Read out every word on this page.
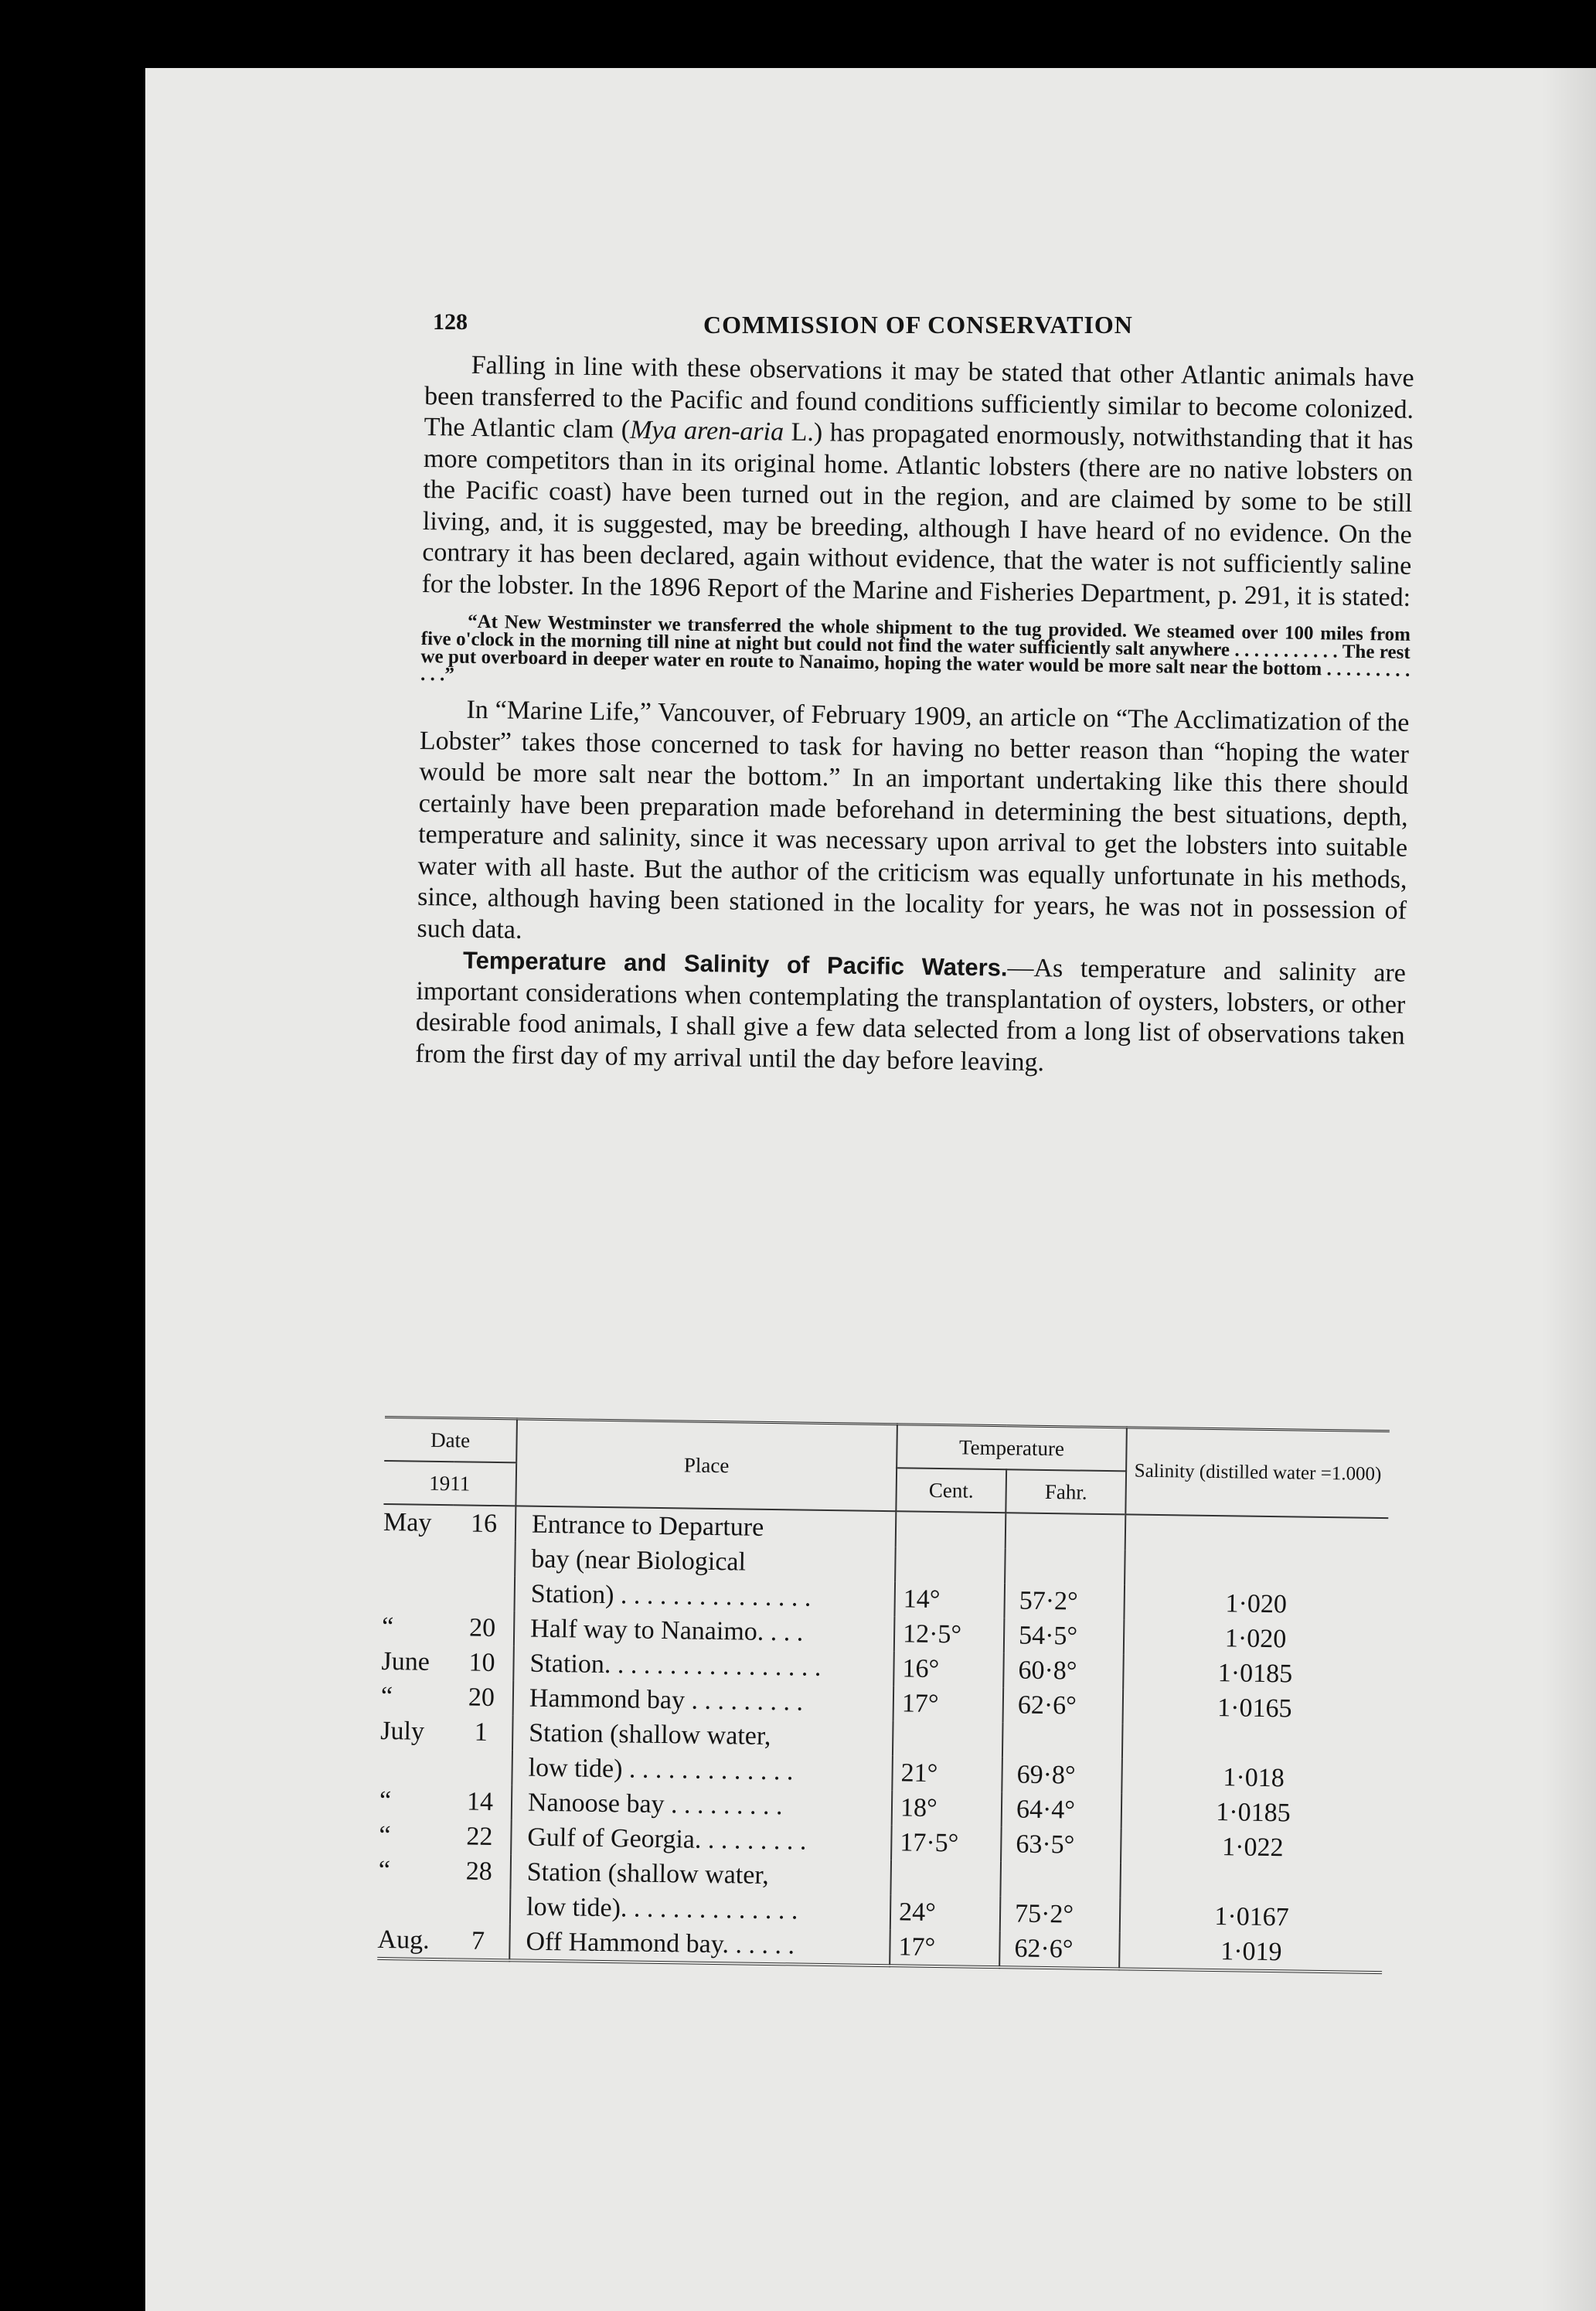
128	COMMISSION OF CONSERVATION

Falling in line with these observations it may be stated that other Atlantic animals have been transferred to the Pacific and found conditions sufficiently similar to become colonized. The Atlantic clam (Mya aren-aria L.) has propagated enormously, notwithstanding that it has more competitors than in its original home. Atlantic lobsters (there are no native lobsters on the Pacific coast) have been turned out in the region, and are claimed by some to be still living, and, it is suggested, may be breeding, although I have heard of no evidence. On the contrary it has been declared, again without evidence, that the water is not sufficiently saline for the lobster. In the 1896 Report of the Marine and Fisheries Department, p. 291, it is stated:

“At New Westminster we transferred the whole shipment to the tug provided. We steamed over 100 miles from five o'clock in the morning till nine at night but could not find the water sufficiently salt anywhere . . . . . . . . . . . The rest we put overboard in deeper water en route to Nanaimo, hoping the water would be more salt near the bottom . . . . . . . . . . . .”

In “Marine Life,” Vancouver, of February 1909, an article on “The Acclimatization of the Lobster” takes those concerned to task for having no better reason than “hoping the water would be more salt near the bottom.” In an important undertaking like this there should certainly have been preparation made beforehand in determining the best situations, depth, temperature and salinity, since it was necessary upon arrival to get the lobsters into suitable water with all haste. But the author of the criticism was equally unfortunate in his methods, since, although having been stationed in the locality for years, he was not in possession of such data.

Temperature and Salinity of Pacific Waters.—As temperature and salinity are important considerations when contemplating the transplantation of oysters, lobsters, or other desirable food animals, I shall give a few data selected from a long list of observations taken from the first day of my arrival until the day before leaving.

Date		Place	Temperature		Salinity (distilled water =1.000)
1911			Cent.	Fahr.	
May	16	Entrance to Departure			
		bay (near Biological			
		Station) . . . . . . . . . . . . . . .	14°	57·2°	1·020
“	20	Half way to Nanaimo. . . .	12·5°	54·5°	1·020
June	10	Station. . . . . . . . . . . . . . . . .	16°	60·8°	1·0185
“	20	Hammond bay . . . . . . . . .	17°	62·6°	1·0165
July	1	Station (shallow water,			
		low tide) . . . . . . . . . . . . .	21°	69·8°	1·018
“	14	Nanoose bay . . . . . . . . .	18°	64·4°	1·0185
“	22	Gulf of Georgia. . . . . . . . .	17·5°	63·5°	1·022
“	28	Station (shallow water,			
		low tide). . . . . . . . . . . . . .	24°	75·2°	1·0167
Aug.	7	Off Hammond bay. . . . . .	17°	62·6°	1·019
